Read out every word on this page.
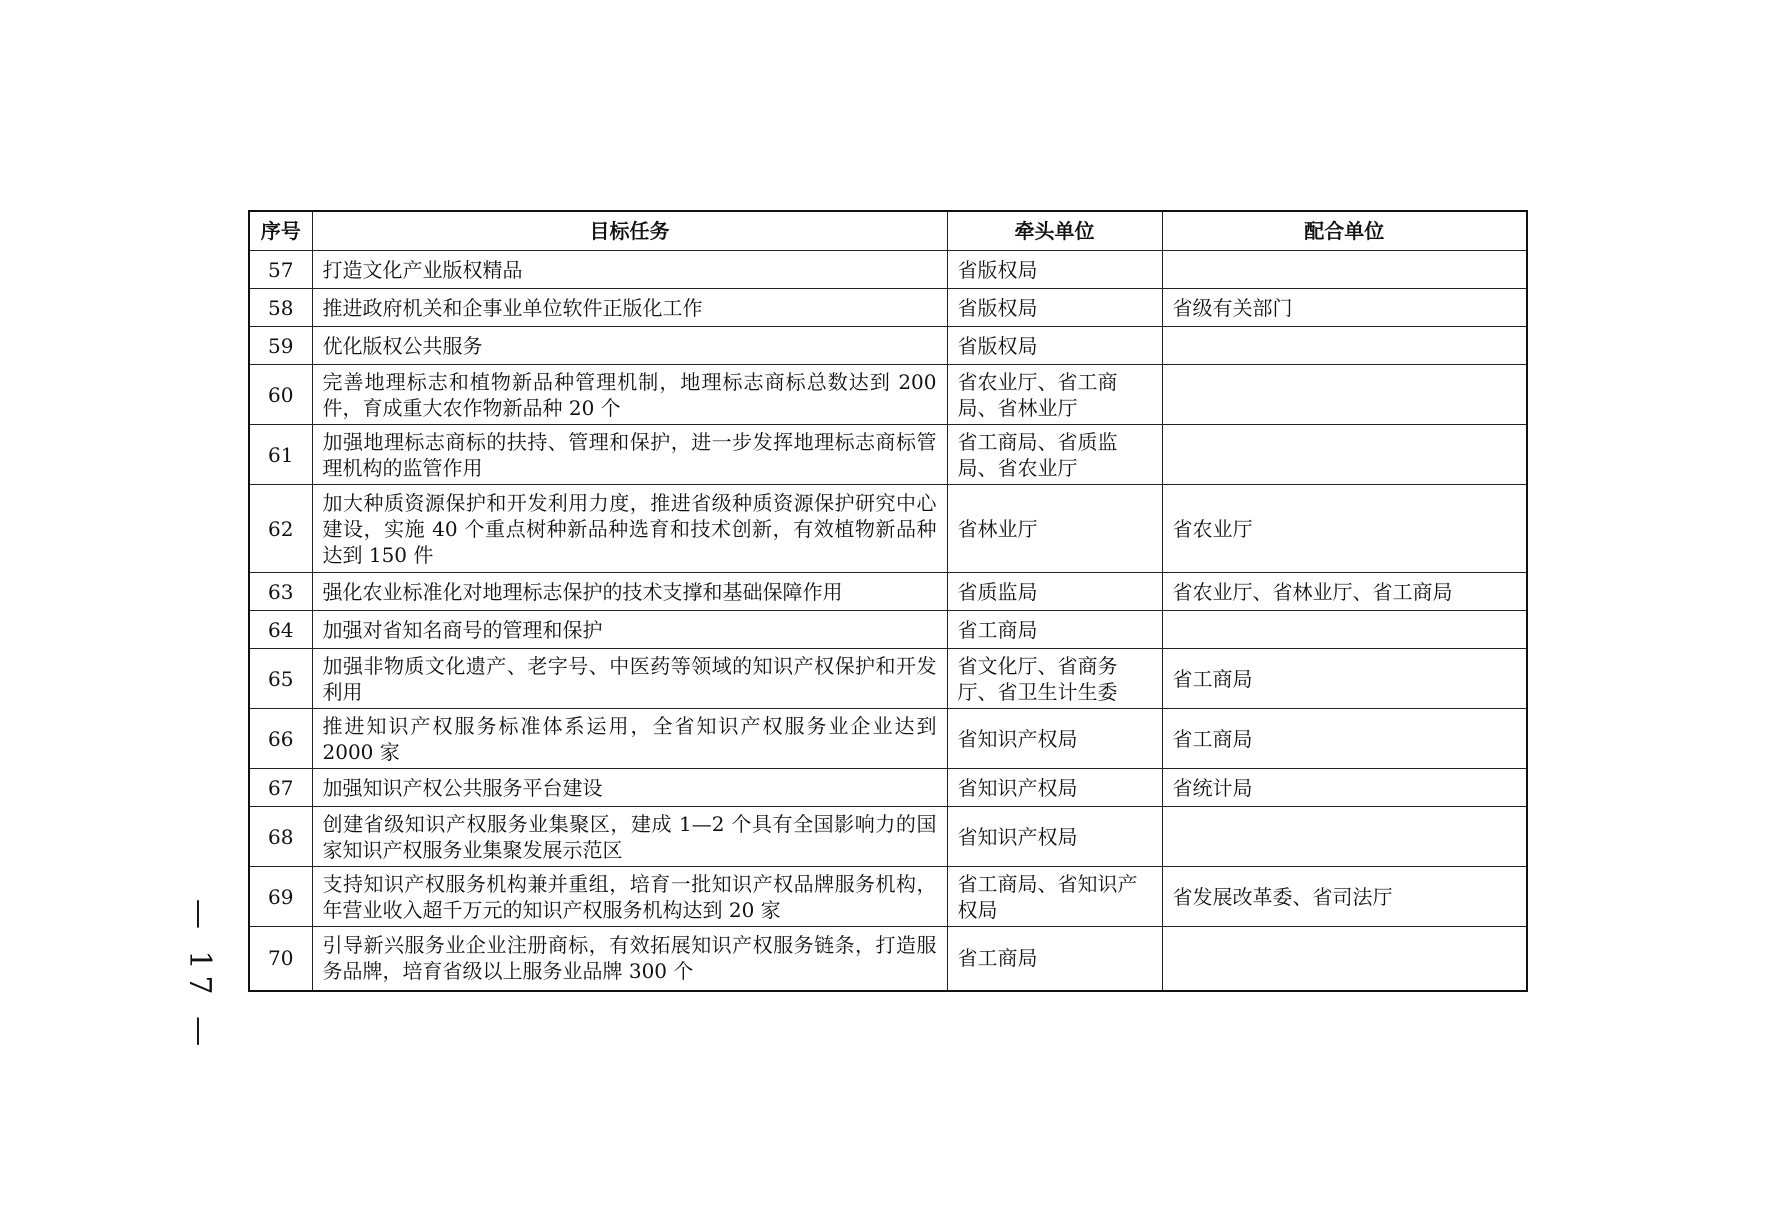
序号	目标任务	牵头单位	配合单位
57	打造文化产业版权精品	省版权局	
58	推进政府机关和企事业单位软件正版化工作	省版权局	省级有关部门
59	优化版权公共服务	省版权局	
60	完善地理标志和植物新品种管理机制，地理标志商标总数达到 200 件，育成重大农作物新品种 20 个	省农业厅、省工商局、省林业厅	
61	加强地理标志商标的扶持、管理和保护，进一步发挥地理标志商标管理机构的监管作用	省工商局、省质监局、省农业厅	
62	加大种质资源保护和开发利用力度，推进省级种质资源保护研究中心建设，实施 40 个重点树种新品种选育和技术创新，有效植物新品种达到 150 件	省林业厅	省农业厅
63	强化农业标准化对地理标志保护的技术支撑和基础保障作用	省质监局	省农业厅、省林业厅、省工商局
64	加强对省知名商号的管理和保护	省工商局	
65	加强非物质文化遗产、老字号、中医药等领域的知识产权保护和开发利用	省文化厅、省商务厅、省卫生计生委	省工商局
66	推进知识产权服务标准体系运用，全省知识产权服务业企业达到 2000 家	省知识产权局	省工商局
67	加强知识产权公共服务平台建设	省知识产权局	省统计局
68	创建省级知识产权服务业集聚区，建成 1—2 个具有全国影响力的国家知识产权服务业集聚发展示范区	省知识产权局	
69	支持知识产权服务机构兼并重组，培育一批知识产权品牌服务机构，年营业收入超千万元的知识产权服务机构达到 20 家	省工商局、省知识产权局	省发展改革委、省司法厅
70	引导新兴服务业企业注册商标，有效拓展知识产权服务链条，打造服务品牌，培育省级以上服务业品牌 300 个	省工商局	
— 17 —
